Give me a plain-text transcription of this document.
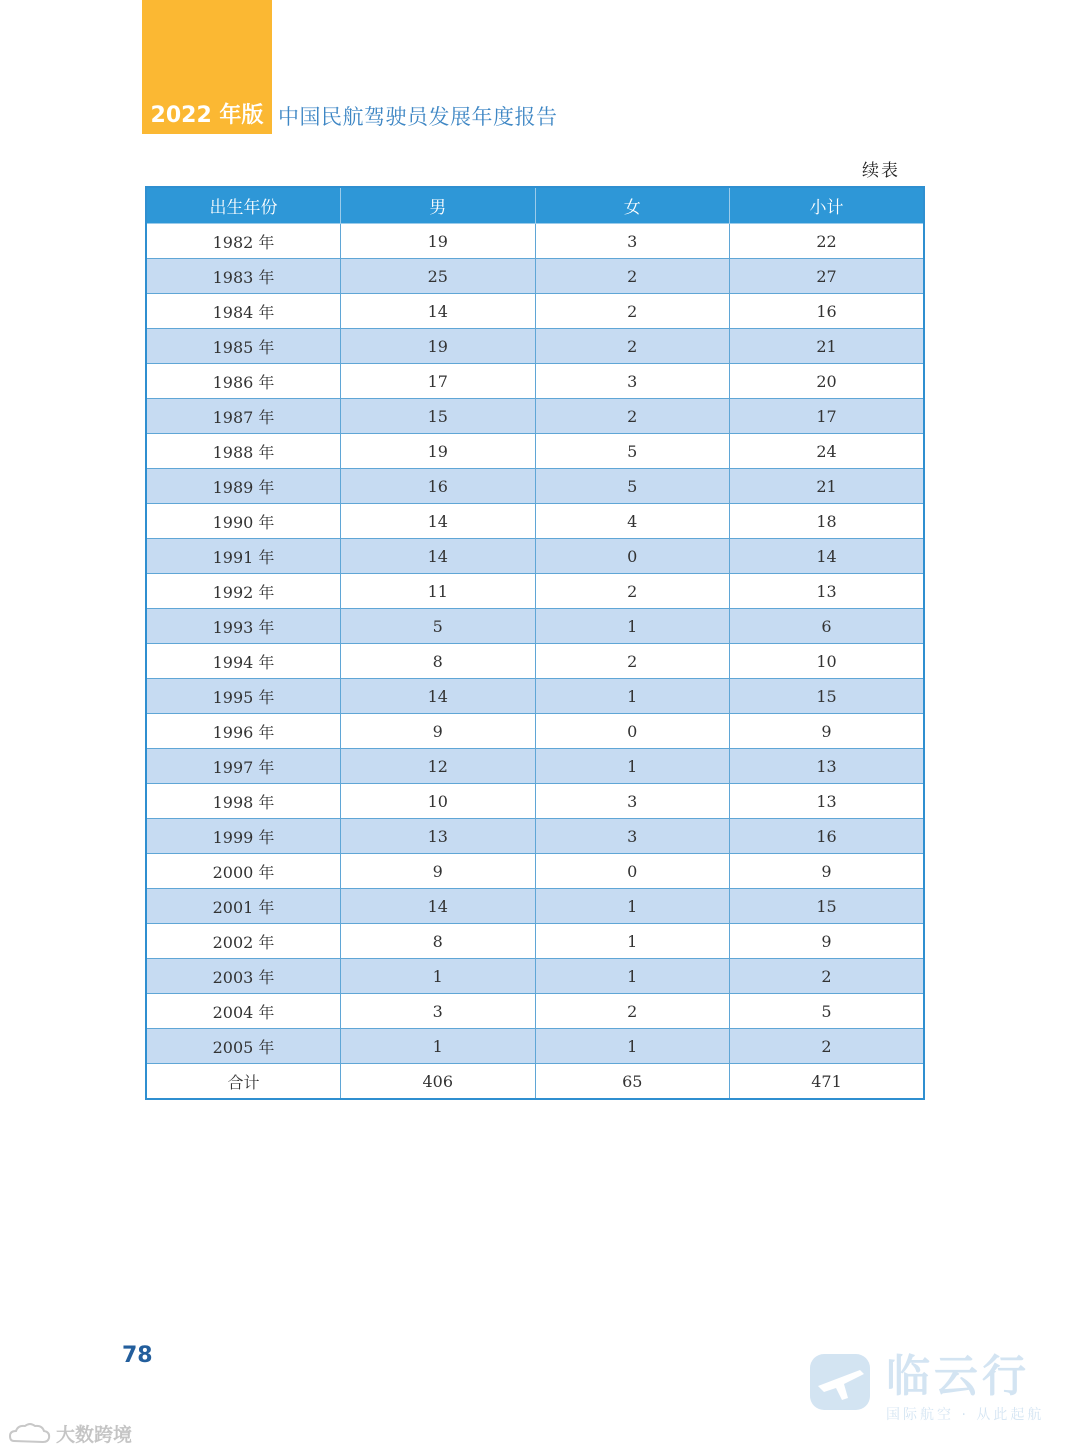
2022 年版 中国民航驾驶员发展年度报告
续表
出生年份	男	女	小计
1982 年	19	3	22
1983 年	25	2	27
1984 年	14	2	16
1985 年	19	2	21
1986 年	17	3	20
1987 年	15	2	17
1988 年	19	5	24
1989 年	16	5	21
1990 年	14	4	18
1991 年	14	0	14
1992 年	11	2	13
1993 年	5	1	6
1994 年	8	2	10
1995 年	14	1	15
1996 年	9	0	9
1997 年	12	1	13
1998 年	10	3	13
1999 年	13	3	16
2000 年	9	0	9
2001 年	14	1	15
2002 年	8	1	9
2003 年	1	1	2
2004 年	3	2	5
2005 年	1	1	2
合计	406	65	471
78
大数跨境
临云行
国际航空 · 从此起航
